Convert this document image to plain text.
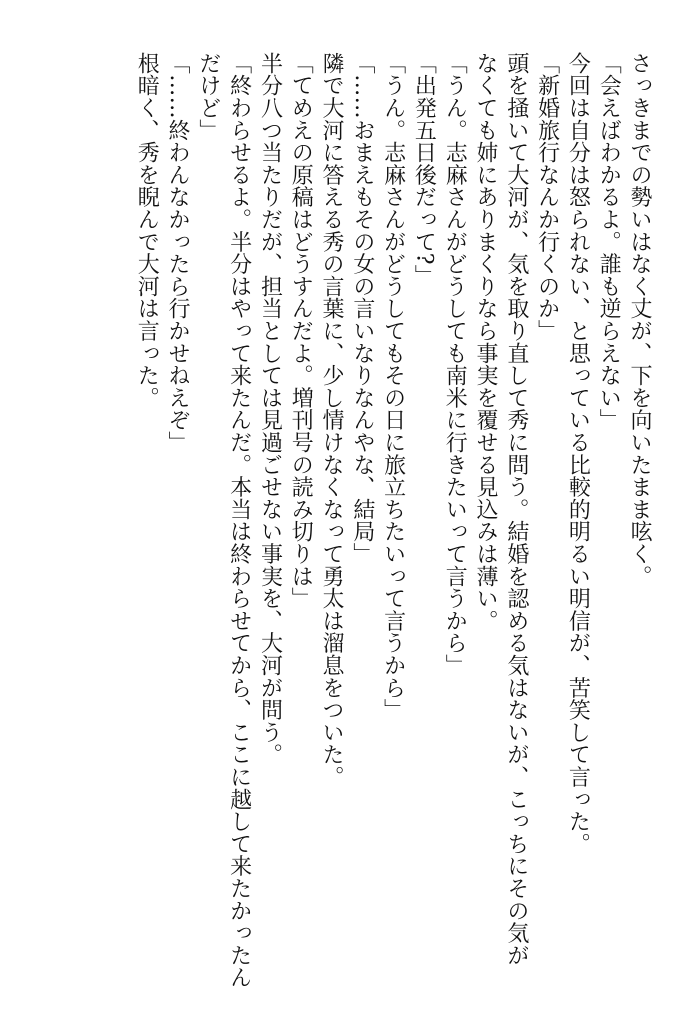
さっきまでの勢いはなく丈が、下を向いたまま呟く。
「会えばわかるよ。誰も逆らえない」
今回は自分は怒られない、と思っている比較的明るい明信が、苦笑して言った。
「新婚旅行なんか行くのか」
頭を掻いて大河が、気を取り直して秀に問う。結婚を認める気はないが、こっちにその気が
なくても姉にありまくりなら事実を覆せる見込みは薄い。
「うん。志麻さんがどうしても南米に行きたいって言うから」
「出発五日後だって?」
「うん。志麻さんがどうしてもその日に旅立ちたいって言うから」
「……おまえもその女の言いなりなんやな、結局」
隣で大河に答える秀の言葉に、少し情けなくなって勇太は溜息をついた。
「てめえの原稿はどうすんだよ。増刊号の読み切りは」
半分八つ当たりだが、担当としては見過ごせない事実を、大河が問う。
「終わらせるよ。半分はやって来たんだ。本当は終わらせてから、ここに越して来たかったん
だけど」
「……終わんなかったら行かせねえぞ」
根暗く、秀を睨んで大河は言った。
